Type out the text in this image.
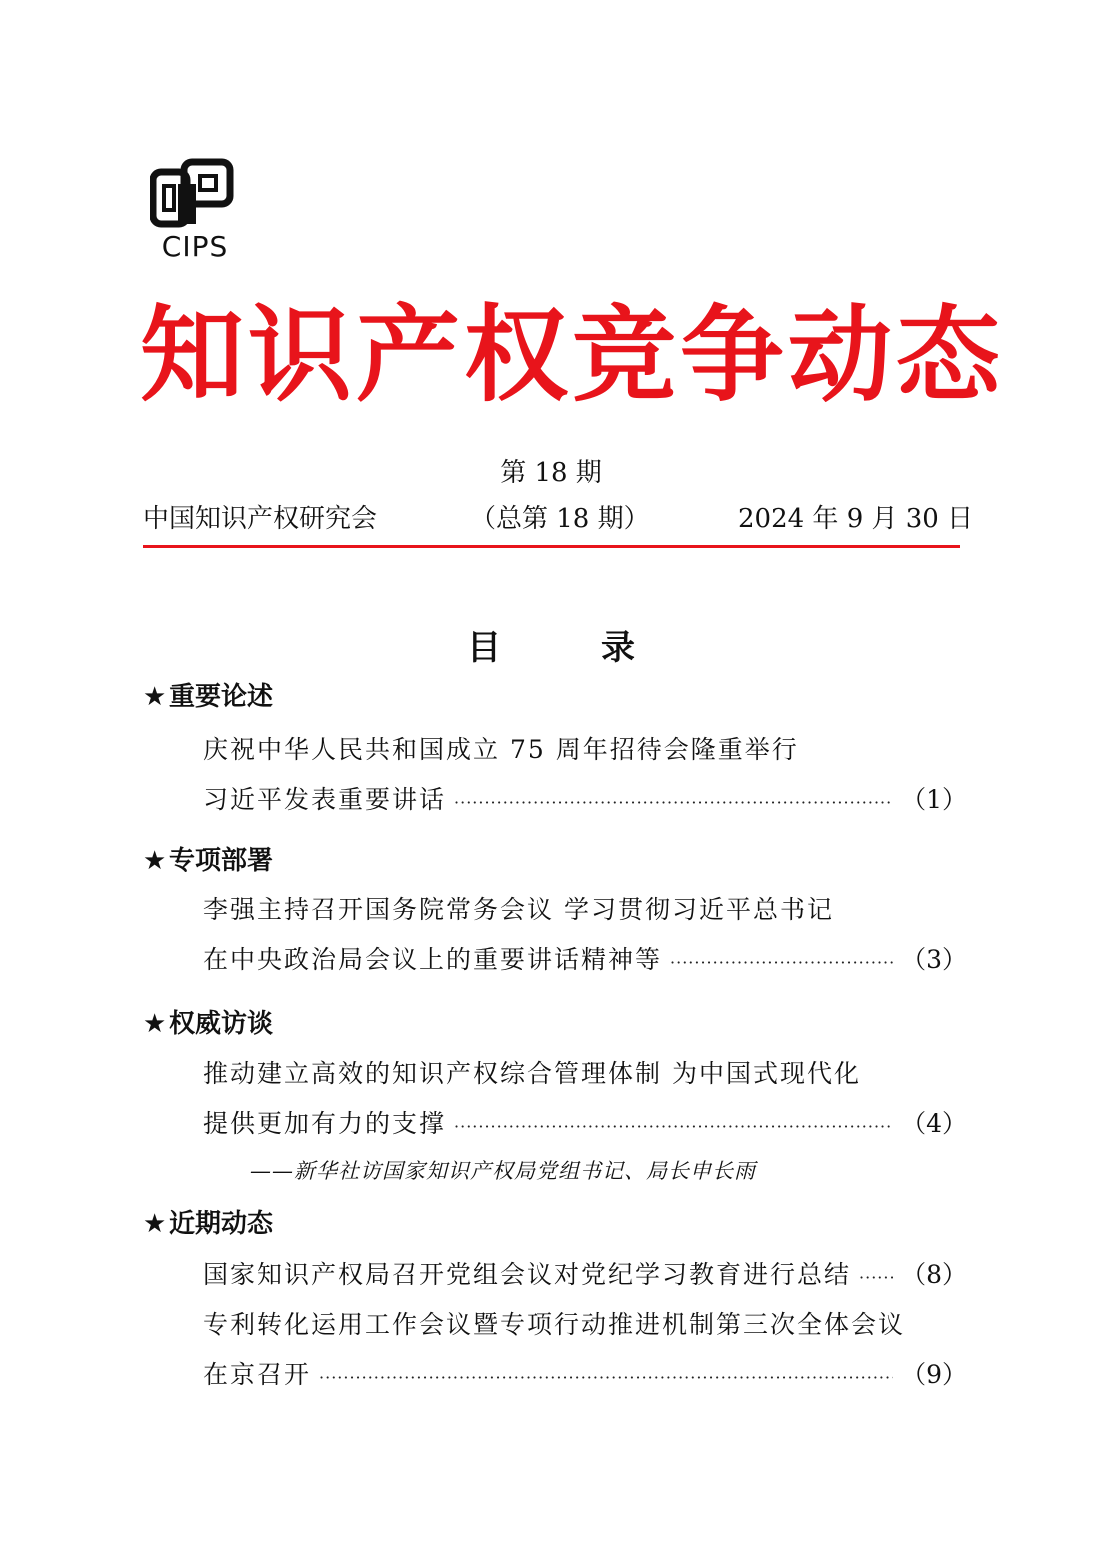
CIPS
知识产权竞争动态
第 18 期
中国知识产权研究会	（总第 18 期）	2024 年 9 月 30 日
目录
★ 重要论述
庆祝中华人民共和国成立 75 周年招待会隆重举行
习近平发表重要讲话 ·····	（1）
★ 专项部署
李强主持召开国务院常务会议 学习贯彻习近平总书记
在中央政治局会议上的重要讲话精神等 ·····	（3）
★ 权威访谈
推动建立高效的知识产权综合管理体制 为中国式现代化
提供更加有力的支撑 ·····	（4）
——新华社访国家知识产权局党组书记、局长申长雨
★ 近期动态
国家知识产权局召开党组会议对党纪学习教育进行总结 ····· （8）
专利转化运用工作会议暨专项行动推进机制第三次全体会议
在京召开 ·····	（9）
